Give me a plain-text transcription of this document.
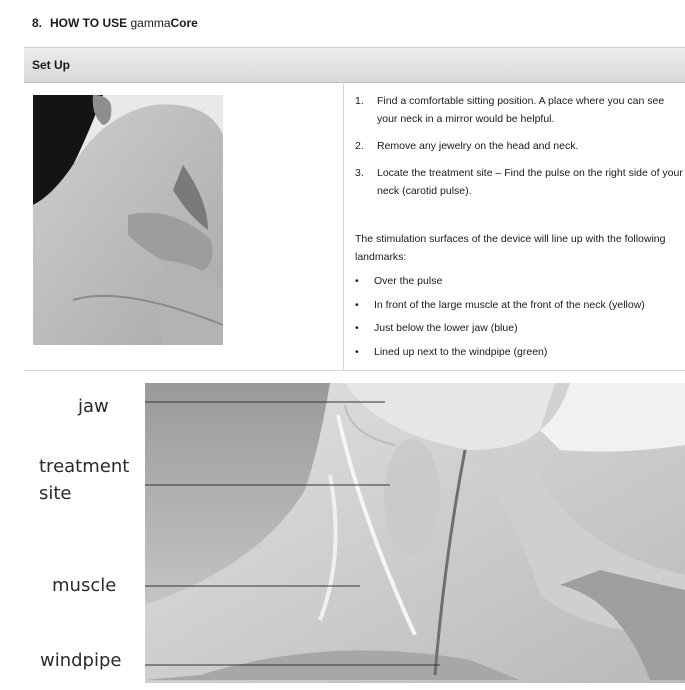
8. HOW TO USE gammaCore
Set Up
1. Find a comfortable sitting position. A place where you can see your neck in a mirror would be helpful.
2. Remove any jewelry on the head and neck.
3. Locate the treatment site – Find the pulse on the right side of your neck (carotid pulse).
The stimulation surfaces of the device will line up with the following landmarks:
• Over the pulse
• In front of the large muscle at the front of the neck (yellow)
• Just below the lower jaw (blue)
• Lined up next to the windpipe (green)
jaw
treatment
site
muscle
windpipe
